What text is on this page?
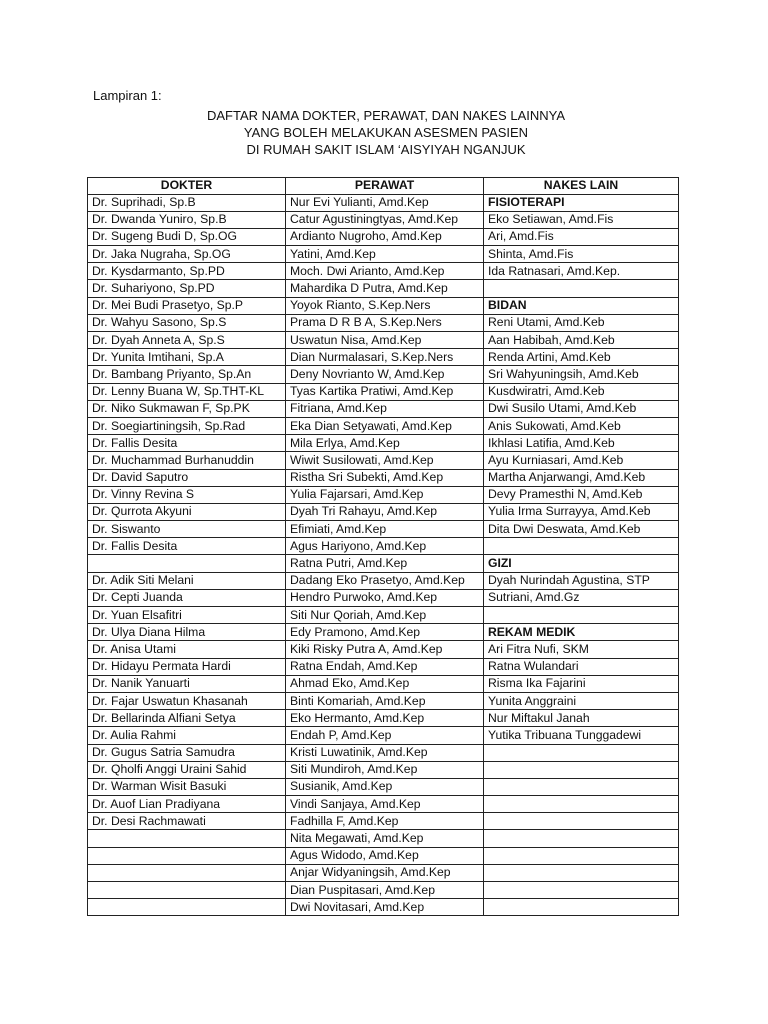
Lampiran 1:
DAFTAR NAMA DOKTER, PERAWAT, DAN NAKES LAINNYA
YANG BOLEH MELAKUKAN ASESMEN PASIEN
DI RUMAH SAKIT ISLAM ‘AISYIYAH NGANJUK
DOKTER	PERAWAT	NAKES LAIN
Dr. Suprihadi, Sp.B	Nur Evi Yulianti, Amd.Kep	FISIOTERAPI
Dr. Dwanda Yuniro, Sp.B	Catur Agustiningtyas, Amd.Kep	Eko Setiawan, Amd.Fis
Dr. Sugeng Budi D, Sp.OG	Ardianto Nugroho, Amd.Kep	Ari, Amd.Fis
Dr. Jaka Nugraha, Sp.OG	Yatini, Amd.Kep	Shinta, Amd.Fis
Dr. Kysdarmanto, Sp.PD	Moch. Dwi Arianto, Amd.Kep	Ida Ratnasari, Amd.Kep.
Dr. Suhariyono, Sp.PD	Mahardika D Putra, Amd.Kep	
Dr. Mei Budi Prasetyo, Sp.P	Yoyok Rianto, S.Kep.Ners	BIDAN
Dr. Wahyu Sasono, Sp.S	Prama D R B A, S.Kep.Ners	Reni Utami, Amd.Keb
Dr. Dyah Anneta A, Sp.S	Uswatun Nisa, Amd.Kep	Aan Habibah, Amd.Keb
Dr. Yunita Imtihani, Sp.A	Dian Nurmalasari, S.Kep.Ners	Renda Artini, Amd.Keb
Dr. Bambang Priyanto, Sp.An	Deny Novrianto W, Amd.Kep	Sri Wahyuningsih, Amd.Keb
Dr. Lenny Buana W, Sp.THT-KL	Tyas Kartika Pratiwi, Amd.Kep	Kusdwiratri, Amd.Keb
Dr. Niko Sukmawan F, Sp.PK	Fitriana, Amd.Kep	Dwi Susilo Utami, Amd.Keb
Dr. Soegiartiningsih, Sp.Rad	Eka Dian Setyawati, Amd.Kep	Anis Sukowati, Amd.Keb
Dr. Fallis Desita	Mila Erlya, Amd.Kep	Ikhlasi Latifia, Amd.Keb
Dr. Muchammad Burhanuddin	Wiwit Susilowati, Amd.Kep	Ayu Kurniasari, Amd.Keb
Dr. David Saputro	Ristha Sri Subekti, Amd.Kep	Martha Anjarwangi, Amd.Keb
Dr. Vinny Revina S	Yulia Fajarsari, Amd.Kep	Devy Pramesthi N, Amd.Keb
Dr. Qurrota Akyuni	Dyah Tri Rahayu, Amd.Kep	Yulia Irma Surrayya, Amd.Keb
Dr. Siswanto	Efimiati, Amd.Kep	Dita Dwi Deswata, Amd.Keb
Dr. Fallis Desita	Agus Hariyono, Amd.Kep	
	Ratna Putri, Amd.Kep	GIZI
Dr. Adik Siti Melani	Dadang Eko Prasetyo, Amd.Kep	Dyah Nurindah Agustina, STP
Dr. Cepti Juanda	Hendro Purwoko, Amd.Kep	Sutriani, Amd.Gz
Dr. Yuan Elsafitri	Siti Nur Qoriah, Amd.Kep	
Dr. Ulya Diana Hilma	Edy Pramono, Amd.Kep	REKAM MEDIK
Dr. Anisa Utami	Kiki Risky Putra A, Amd.Kep	Ari Fitra Nufi, SKM
Dr. Hidayu Permata Hardi	Ratna Endah, Amd.Kep	Ratna Wulandari
Dr. Nanik Yanuarti	Ahmad Eko, Amd.Kep	Risma Ika Fajarini
Dr. Fajar Uswatun Khasanah	Binti Komariah, Amd.Kep	Yunita Anggraini
Dr. Bellarinda Alfiani Setya	Eko Hermanto, Amd.Kep	Nur Miftakul Janah
Dr. Aulia Rahmi	Endah P, Amd.Kep	Yutika Tribuana Tunggadewi
Dr. Gugus Satria Samudra	Kristi Luwatinik, Amd.Kep	
Dr. Qholfi Anggi Uraini Sahid	Siti Mundiroh, Amd.Kep	
Dr. Warman Wisit Basuki	Susianik, Amd.Kep	
Dr. Auof Lian Pradiyana	Vindi Sanjaya, Amd.Kep	
Dr. Desi Rachmawati	Fadhilla F, Amd.Kep	
	Nita Megawati, Amd.Kep	
	Agus Widodo, Amd.Kep	
	Anjar Widyaningsih, Amd.Kep	
	Dian Puspitasari, Amd.Kep	
	Dwi Novitasari, Amd.Kep	
